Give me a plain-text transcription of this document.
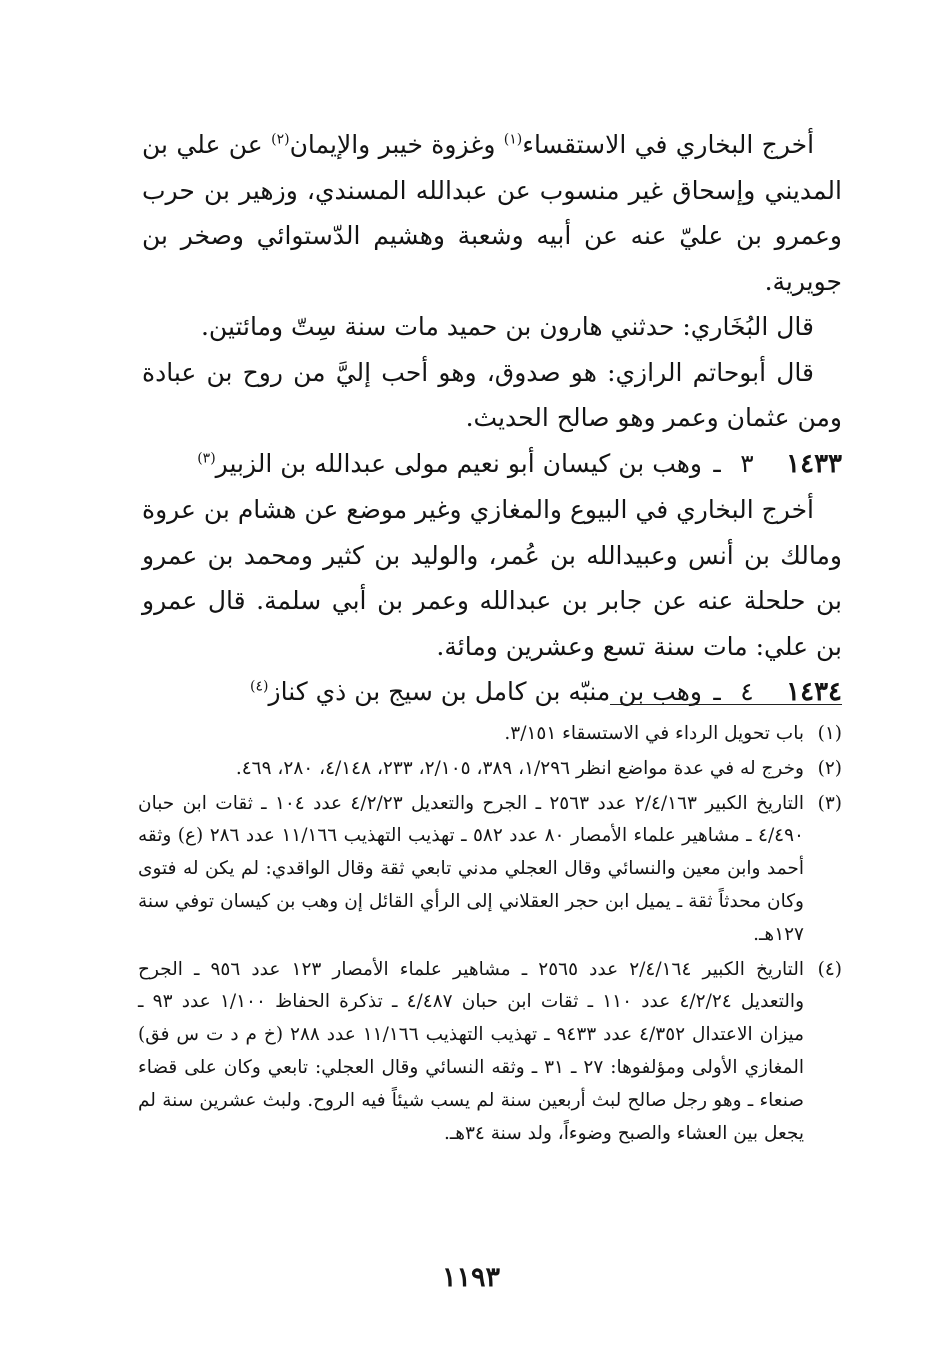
أخرج البخاري في الاستقساء$^{(١)}$ وغزوة خيبر والإيمان$^{(٢)}$ عن علي بن المديني وإسحاق غير منسوب عن عبدالله المسندي، وزهير بن حرب وعمرو بن عليّ عنه عن أبيه وشعبة وهشيم الدّستوائي وصخر بن جويرية.

قال البُخَاري: حدثني هارون بن حميد مات سنة سِتّ ومائتين.

قال أبوحاتم الرازي: هو صدوق، وهو أحب إليَّ من روح بن عبادة ومن عثمان وعمر وهو صالح الحديث.

١٤٣٣
٣
ـ
وهب بن كيسان أبو نعيم مولى عبدالله بن الزبير$^{(٣)}$

أخرج البخاري في البيوع والمغازي وغير موضع عن هشام بن عروة ومالك بن أنس وعبيدالله بن عُمر، والوليد بن كثير ومحمد بن عمرو بن حلحلة عنه عن جابر بن عبدالله وعمر بن أبي سلمة. قال عمرو بن علي: مات سنة تسع وعشرين ومائة.

١٤٣٤
٤
ـ
وهب بن منبّه بن كامل بن سيج بن ذي كناز$^{(٤)}$
(١)
باب تحويل الرداء في الاستسقاء ٣/١٥١.
(٢)
وخرج له في عدة مواضع انظر ١/٢٩٦، ٣٨٩، ٢/١٠٥، ٢٣٣، ٤/١٤٨، ٢٨٠، ٤٦٩.
(٣)
التاريخ الكبير ٢/٤/١٦٣ عدد ٢٥٦٣ ـ الجرح والتعديل ٤/٢/٢٣ عدد ١٠٤ ـ ثقات ابن حبان ٤/٤٩٠ ـ مشاهير علماء الأمصار ٨٠ عدد ٥٨٢ ـ تهذيب التهذيب ١١/١٦٦ عدد ٢٨٦ (ع) وثقه أحمد وابن معين والنسائي وقال العجلي مدني تابعي ثقة وقال الواقدي: لم يكن له فتوى وكان محدثاً ثقة ـ يميل ابن حجر العقلاني إلى الرأي القائل إن وهب بن كيسان توفي سنة ١٢٧هـ.
(٤)
التاريخ الكبير ٢/٤/١٦٤ عدد ٢٥٦٥ ـ مشاهير علماء الأمصار ١٢٣ عدد ٩٥٦ ـ الجرح والتعديل ٤/٢/٢٤ عدد ١١٠ ـ ثقات ابن حبان ٤/٤٨٧ ـ تذكرة الحفاظ ١/١٠٠ عدد ٩٣ ـ ميزان الاعتدال ٤/٣٥٢ عدد ٩٤٣٣ ـ تهذيب التهذيب ١١/١٦٦ عدد ٢٨٨ (خ م د ت س فق) المغازي الأولى ومؤلفوها: ٢٧ ـ ٣١ ـ وثقه النسائي وقال العجلي: تابعي وكان على قضاء صنعاء ـ وهو رجل صالح لبث أربعين سنة لم يسب شيئاً فيه الروح. ولبث عشرين سنة لم يجعل بين العشاء والصبح وضوءاً، ولد سنة ٣٤هـ.
١١٩٣
